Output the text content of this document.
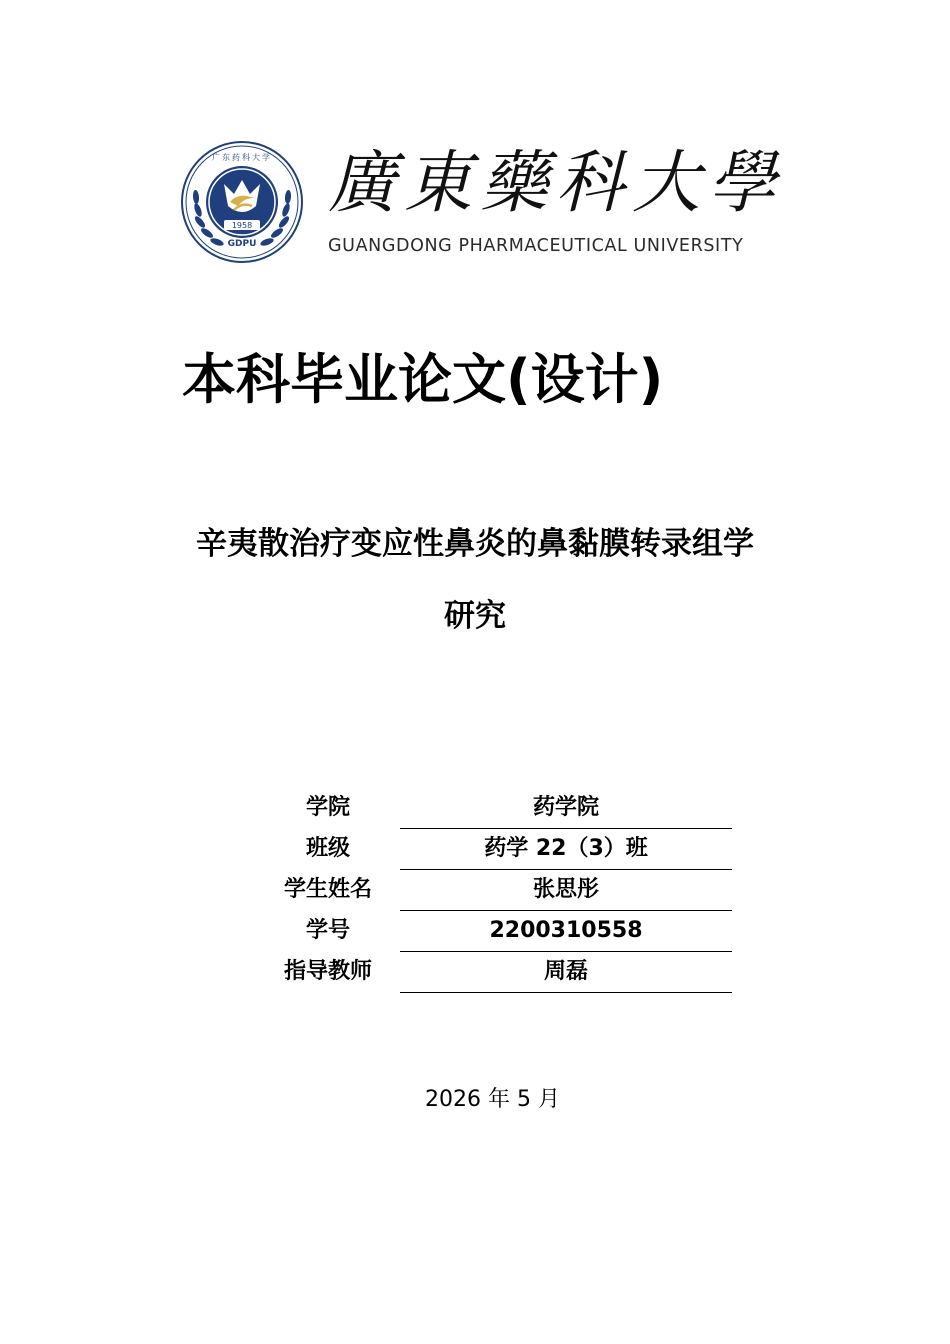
1958
GDPU
广东药科大学 廣東藥科大學
GUANGDONG PHARMACEUTICAL UNIVERSITY
本科毕业论文(设计)
辛夷散治疗变应性鼻炎的鼻黏膜转录组学
研究
学院	药学院
班级	药学 22（3）班
学生姓名	张思彤
学号	2200310558
指导教师	周磊
2026 年 5 月
